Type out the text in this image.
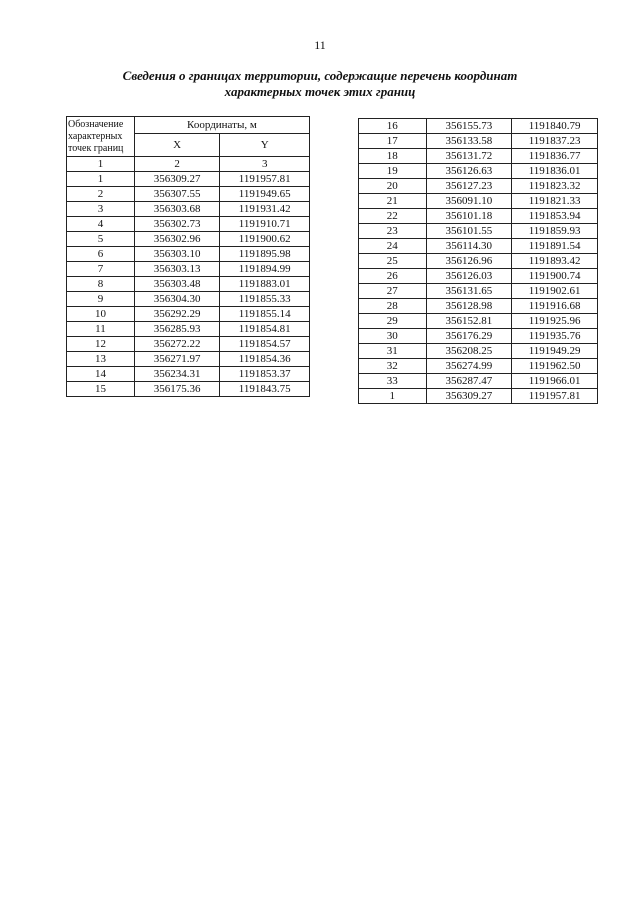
11
Сведения о границах территории, содержащие перечень координат
характерных точек этих границ
Обозначение
характерных
точек границ	Координаты, м	
	X	Y
1	2	3
1	356309.27	1191957.81
2	356307.55	1191949.65
3	356303.68	1191931.42
4	356302.73	1191910.71
5	356302.96	1191900.62
6	356303.10	1191895.98
7	356303.13	1191894.99
8	356303.48	1191883.01
9	356304.30	1191855.33
10	356292.29	1191855.14
11	356285.93	1191854.81
12	356272.22	1191854.57
13	356271.97	1191854.36
14	356234.31	1191853.37
15	356175.36	1191843.75
16	356155.73	1191840.79
17	356133.58	1191837.23
18	356131.72	1191836.77
19	356126.63	1191836.01
20	356127.23	1191823.32
21	356091.10	1191821.33
22	356101.18	1191853.94
23	356101.55	1191859.93
24	356114.30	1191891.54
25	356126.96	1191893.42
26	356126.03	1191900.74
27	356131.65	1191902.61
28	356128.98	1191916.68
29	356152.81	1191925.96
30	356176.29	1191935.76
31	356208.25	1191949.29
32	356274.99	1191962.50
33	356287.47	1191966.01
1	356309.27	1191957.81
